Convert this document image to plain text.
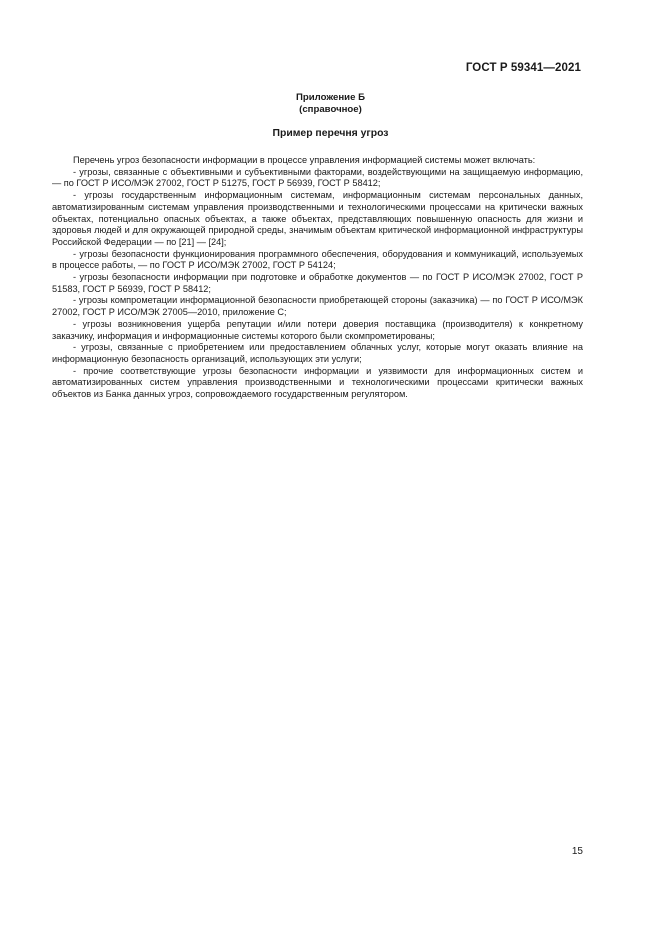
ГОСТ Р 59341—2021
Приложение Б
(справочное)
Пример перечня угроз

Перечень угроз безопасности информации в процессе управления информацией системы может включать:

- угрозы, связанные с объективными и субъективными факторами, воздействующими на защищаемую информацию, — по ГОСТ Р ИСО/МЭК 27002, ГОСТ Р 51275, ГОСТ Р 56939, ГОСТ Р 58412;

- угрозы государственным информационным системам, информационным системам персональных данных, автоматизированным системам управления производственными и технологическими процессами на критически важных объектах, потенциально опасных объектах, а также объектах, представляющих повышенную опасность для жизни и здоровья людей и для окружающей природной среды, значимым объектам критической информационной инфраструктуры Российской Федерации — по [21] — [24];

- угрозы безопасности функционирования программного обеспечения, оборудования и коммуникаций, используемых в процессе работы, — по ГОСТ Р ИСО/МЭК 27002, ГОСТ Р 54124;

- угрозы безопасности информации при подготовке и обработке документов — по ГОСТ Р ИСО/МЭК 27002, ГОСТ Р 51583, ГОСТ Р 56939, ГОСТ Р 58412;

- угрозы компрометации информационной безопасности приобретающей стороны (заказчика) — по ГОСТ Р ИСО/МЭК 27002, ГОСТ Р ИСО/МЭК 27005—2010, приложение С;

- угрозы возникновения ущерба репутации и/или потери доверия поставщика (производителя) к конкретному заказчику, информация и информационные системы которого были скомпрометированы;

- угрозы, связанные с приобретением или предоставлением облачных услуг, которые могут оказать влияние на информационную безопасность организаций, использующих эти услуги;

- прочие соответствующие угрозы безопасности информации и уязвимости для информационных систем и автоматизированных систем управления производственными и технологическими процессами критически важных объектов из Банка данных угроз, сопровождаемого государственным регулятором.

15
